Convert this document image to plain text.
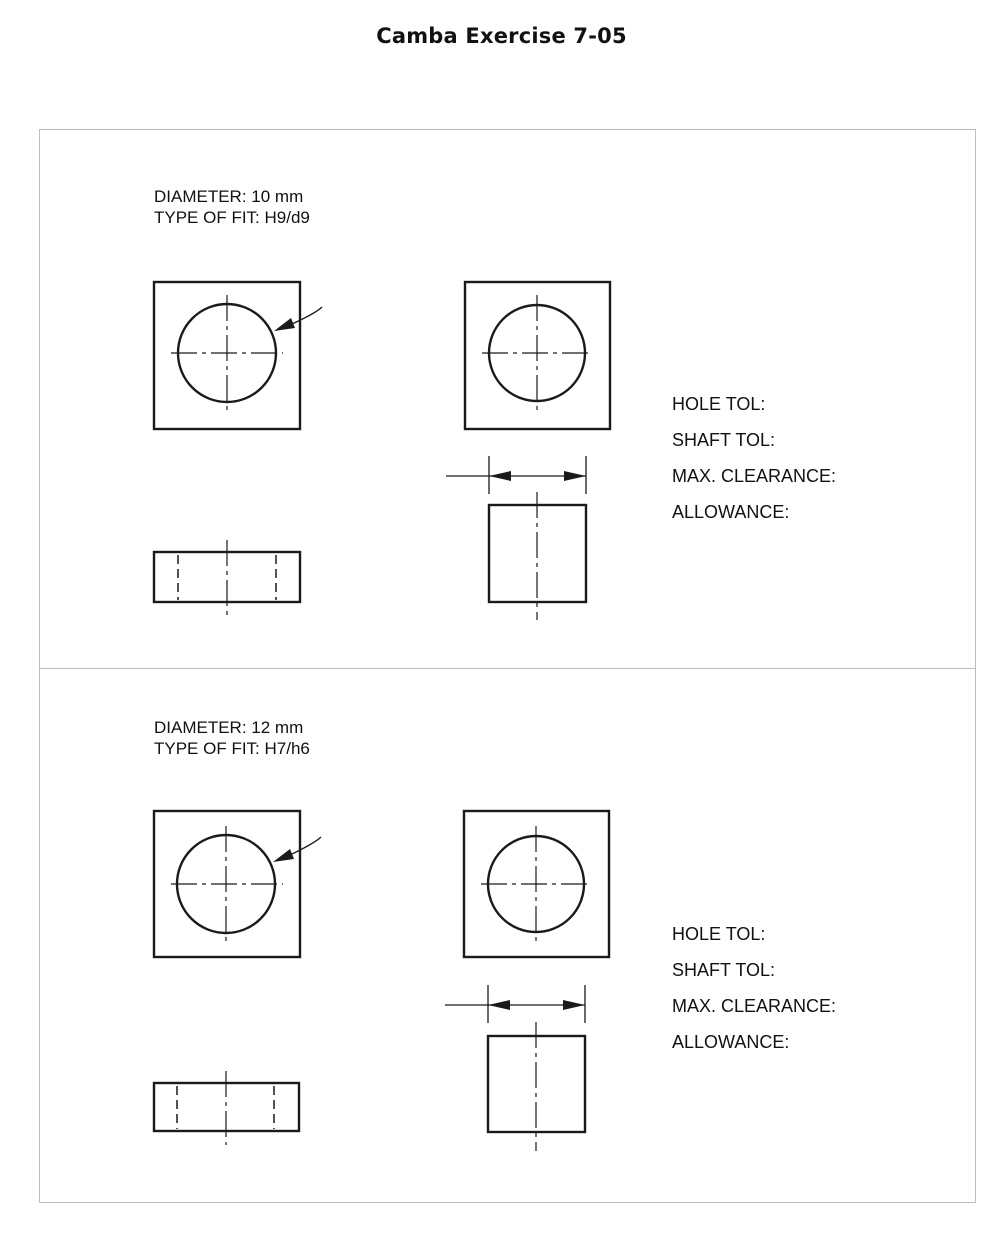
Camba Exercise 7-05
DIAMETER: 10 mm
TYPE OF FIT: H9/d9
HOLE TOL:
SHAFT TOL:
MAX. CLEARANCE:
ALLOWANCE:
DIAMETER: 12 mm
TYPE OF FIT: H7/h6
HOLE TOL:
SHAFT TOL:
MAX. CLEARANCE:
ALLOWANCE:
